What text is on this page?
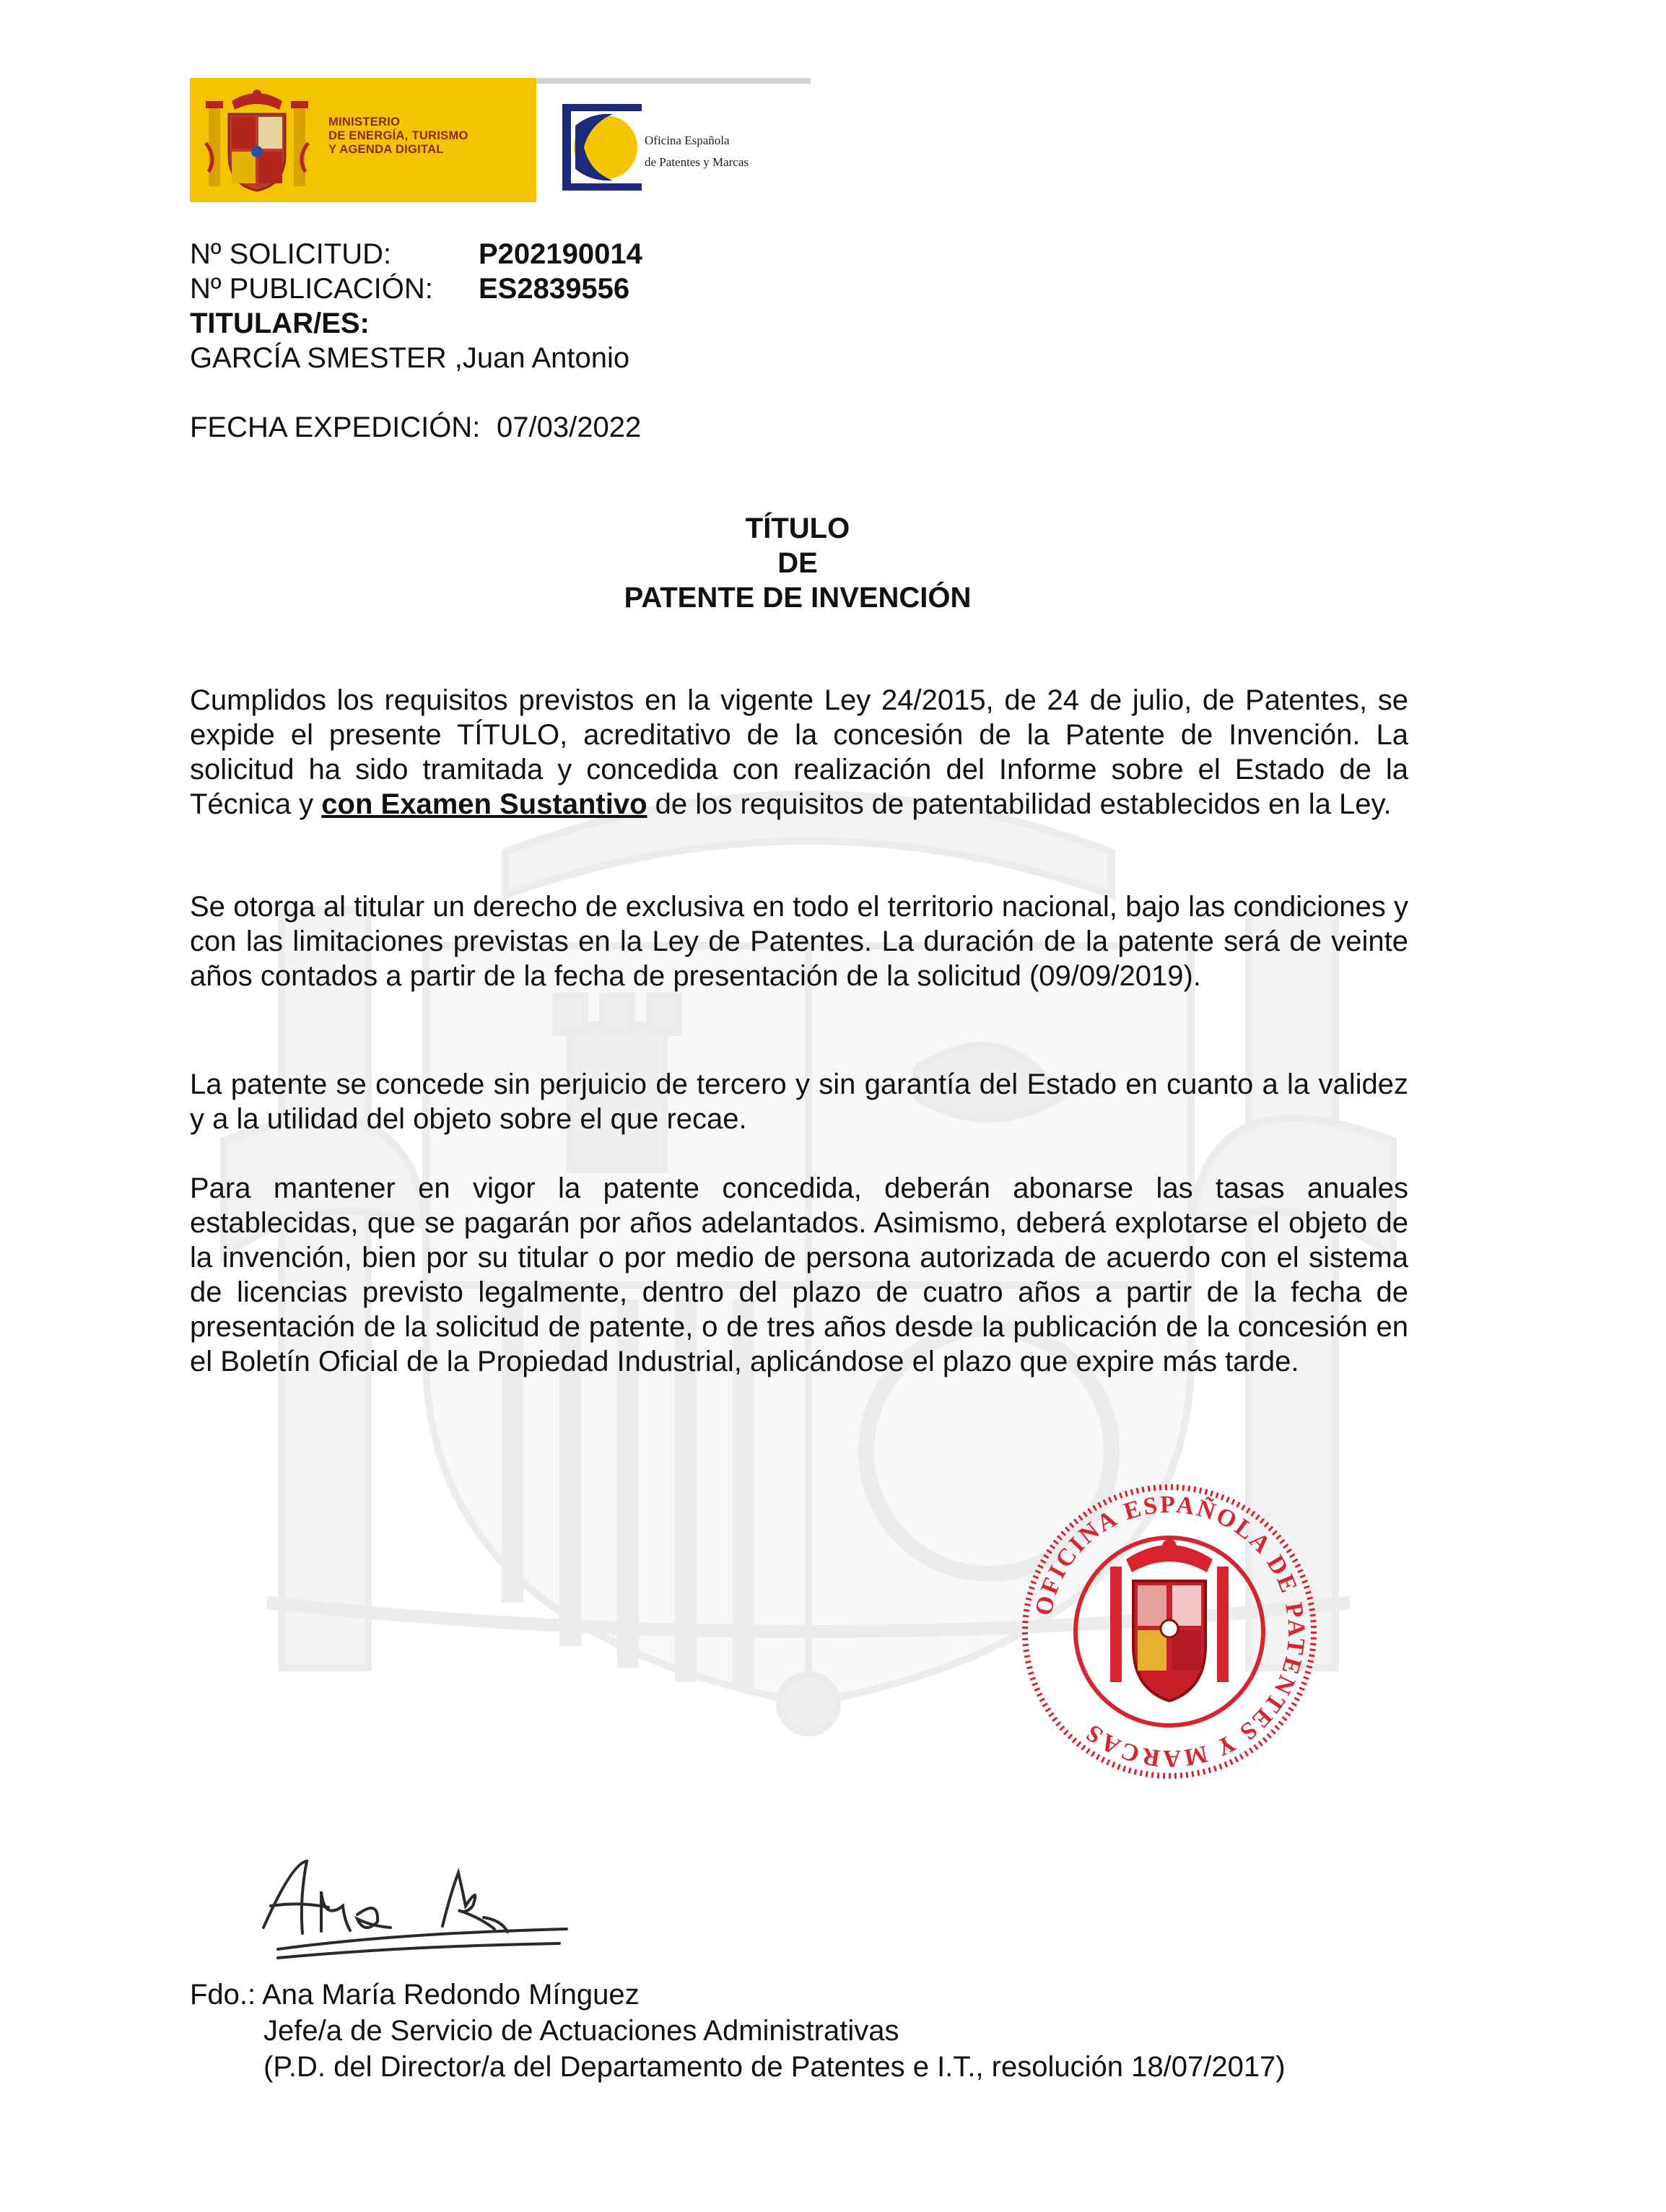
MINISTERIO
DE ENERGÍA, TURISMO
Y AGENDA DIGITAL
Oficina Española
de Patentes y Marcas
Nº SOLICITUD:	P202190014
Nº PUBLICACIÓN: ES2839556
TITULAR/ES:
GARCÍA SMESTER ,Juan Antonio
FECHA EXPEDICIÓN: 07/03/2022
TÍTULO
DE
PATENTE DE INVENCIÓN
Cumplidos los requisitos previstos en la vigente Ley 24/2015, de 24 de julio, de Patentes, se expide el presente TÍTULO, acreditativo de la concesión de la Patente de Invención. La solicitud ha sido tramitada y concedida con realización del Informe sobre el Estado de la Técnica y con Examen Sustantivo de los requisitos de patentabilidad establecidos en la Ley.
Se otorga al titular un derecho de exclusiva en todo el territorio nacional, bajo las condiciones y con las limitaciones previstas en la Ley de Patentes. La duración de la patente será de veinte años contados a partir de la fecha de presentación de la solicitud (09/09/2019).
La patente se concede sin perjuicio de tercero y sin garantía del Estado en cuanto a la validez y a la utilidad del objeto sobre el que recae.
Para mantener en vigor la patente concedida, deberán abonarse las tasas anuales establecidas, que se pagarán por años adelantados. Asimismo, deberá explotarse el objeto de la invención, bien por su titular o por medio de persona autorizada de acuerdo con el sistema de licencias previsto legalmente, dentro del plazo de cuatro años a partir de la fecha de presentación de la solicitud de patente, o de tres años desde la publicación de la concesión en el Boletín Oficial de la Propiedad Industrial, aplicándose el plazo que expire más tarde.
OFICINA ESPAÑOLA DE PATENTES Y MARCAS
Fdo.: Ana María Redondo Mínguez
Jefe/a de Servicio de Actuaciones Administrativas
(P.D. del Director/a del Departamento de Patentes e I.T., resolución 18/07/2017)
